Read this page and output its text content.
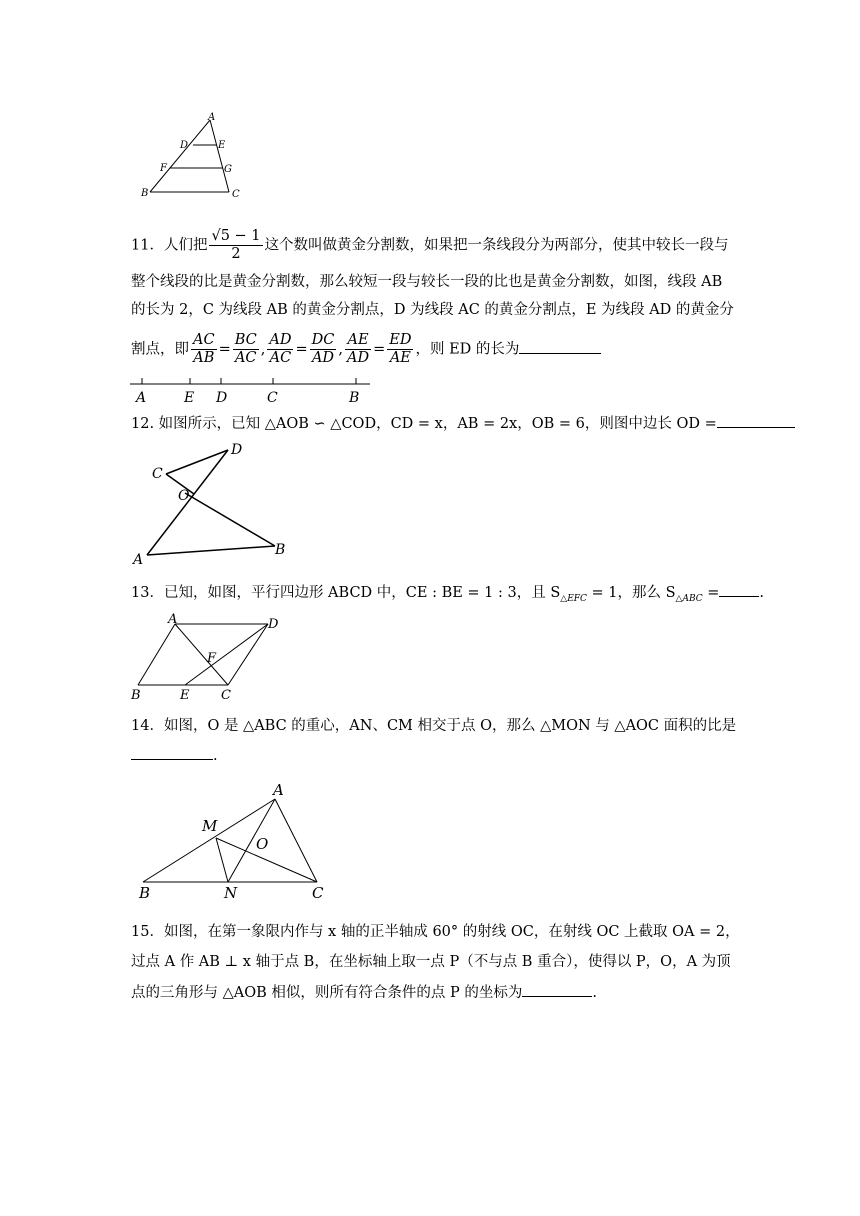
A
D	E
F	G
B	C
11．人们把 $\frac{√5 - 1}{2}$ 这个数叫做黄金分割数，如果把一条线段分为两部分，使其中较长一段与
整个线段的比是黄金分割数，那么较短一段与较长一段的比也是黄金分割数，如图，线段 AB
的长为 2，C 为线段 AB 的黄金分割点，D 为线段 AC 的黄金分割点，E 为线段 AD 的黄金分
割点，即 $\frac{AC}{AB} = \frac{BC}{AC}$ , $\frac{AD}{AC} = \frac{DC}{AD}$ , $\frac{AE}{AD} = \frac{ED}{AE}$ ，则 ED 的长为
A	E D	C	B
12. 如图所示，已知 △AOB ∽ △COD，CD = x，AB = 2x，OB = 6，则图中边长 OD =
D
C
O
A
B
13．已知，如图，平行四边形 ABCD 中，CE : BE = 1 : 3，且 $S_{\triangle EFC} = 1$，那么 $S_{\triangle ABC}$ =	.
A	D
F
B	E C
14．如图，O 是 △ABC 的重心，AN、CM 相交于点 O，那么 △MON 与 △AOC 面积的比是
.
A
M
O
B	N	C
15．如图，在第一象限内作与 x 轴的正半轴成 60° 的射线 OC，在射线 OC 上截取 OA = 2，
过点 A 作 AB ⊥ x 轴于点 B，在坐标轴上取一点 P（不与点 B 重合），使得以 P，O，A 为顶
点的三角形与 △AOB 相似，则所有符合条件的点 P 的坐标为	.
